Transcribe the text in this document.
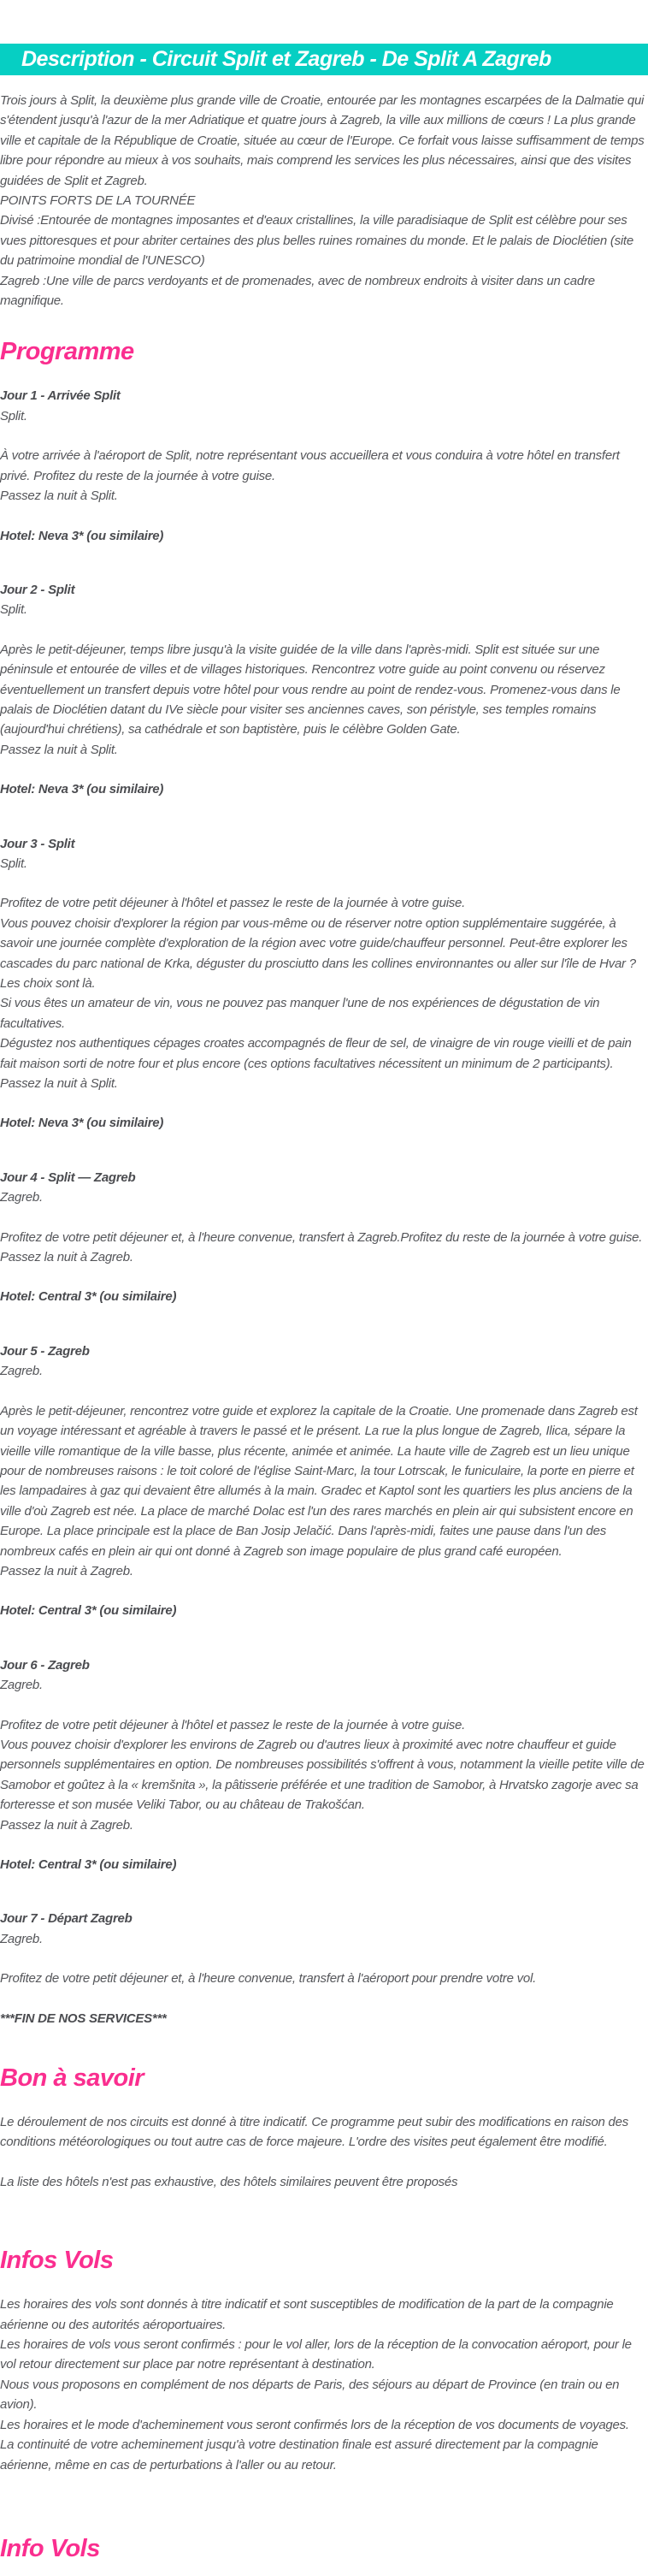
Description - Circuit Split et Zagreb - De Split A Zagreb

Trois jours à Split, la deuxième plus grande ville de Croatie, entourée par les montagnes escarpées de la Dalmatie qui s'étendent jusqu'à l'azur de la mer Adriatique et quatre jours à Zagreb, la ville aux millions de cœurs ! La plus grande ville et capitale de la République de Croatie, située au cœur de l'Europe. Ce forfait vous laisse suffisamment de temps libre pour répondre au mieux à vos souhaits, mais comprend les services les plus nécessaires, ainsi que des visites guidées de Split et Zagreb.

POINTS FORTS DE LA TOURNÉE

Divisé :Entourée de montagnes imposantes et d'eaux cristallines, la ville paradisiaque de Split est célèbre pour ses vues pittoresques et pour abriter certaines des plus belles ruines romaines du monde. Et le palais de Dioclétien (site du patrimoine mondial de l'UNESCO)

Zagreb :Une ville de parcs verdoyants et de promenades, avec de nombreux endroits à visiter dans un cadre magnifique.

Programme
Jour 1 - Arrivée Split
Split.

À votre arrivée à l'aéroport de Split, notre représentant vous accueillera et vous conduira à votre hôtel en transfert privé. Profitez du reste de la journée à votre guise.

Passez la nuit à Split.

Hotel: Neva 3* (ou similaire)
Jour 2 - Split
Split.

Après le petit-déjeuner, temps libre jusqu'à la visite guidée de la ville dans l'après-midi. Split est située sur une péninsule et entourée de villes et de villages historiques. Rencontrez votre guide au point convenu ou réservez éventuellement un transfert depuis votre hôtel pour vous rendre au point de rendez-vous. Promenez-vous dans le palais de Dioclétien datant du IVe siècle pour visiter ses anciennes caves, son péristyle, ses temples romains (aujourd'hui chrétiens), sa cathédrale et son baptistère, puis le célèbre Golden Gate.

Passez la nuit à Split.

Hotel: Neva 3* (ou similaire)
Jour 3 - Split
Split.

Profitez de votre petit déjeuner à l'hôtel et passez le reste de la journée à votre guise.

Vous pouvez choisir d'explorer la région par vous-même ou de réserver notre option supplémentaire suggérée, à savoir une journée complète d'exploration de la région avec votre guide/chauffeur personnel. Peut-être explorer les cascades du parc national de Krka, déguster du prosciutto dans les collines environnantes ou aller sur l'île de Hvar ? Les choix sont là.

Si vous êtes un amateur de vin, vous ne pouvez pas manquer l'une de nos expériences de dégustation de vin facultatives.

Dégustez nos authentiques cépages croates accompagnés de fleur de sel, de vinaigre de vin rouge vieilli et de pain fait maison sorti de notre four et plus encore (ces options facultatives nécessitent un minimum de 2 participants).

Passez la nuit à Split.

Hotel: Neva 3* (ou similaire)
Jour 4 - Split — Zagreb
Zagreb.

Profitez de votre petit déjeuner et, à l'heure convenue, transfert à Zagreb.Profitez du reste de la journée à votre guise.

Passez la nuit à Zagreb.

Hotel: Central 3* (ou similaire)
Jour 5 - Zagreb
Zagreb.

Après le petit-déjeuner, rencontrez votre guide et explorez la capitale de la Croatie. Une promenade dans Zagreb est un voyage intéressant et agréable à travers le passé et le présent. La rue la plus longue de Zagreb, Ilica, sépare la vieille ville romantique de la ville basse, plus récente, animée et animée. La haute ville de Zagreb est un lieu unique pour de nombreuses raisons : le toit coloré de l'église Saint-Marc, la tour Lotrscak, le funiculaire, la porte en pierre et les lampadaires à gaz qui devaient être allumés à la main. Gradec et Kaptol sont les quartiers les plus anciens de la ville d'où Zagreb est née. La place de marché Dolac est l'un des rares marchés en plein air qui subsistent encore en Europe. La place principale est la place de Ban Josip Jelačić. Dans l'après-midi, faites une pause dans l'un des nombreux cafés en plein air qui ont donné à Zagreb son image populaire de plus grand café européen.

Passez la nuit à Zagreb.

Hotel: Central 3* (ou similaire)
Jour 6 - Zagreb
Zagreb.

Profitez de votre petit déjeuner à l'hôtel et passez le reste de la journée à votre guise.

Vous pouvez choisir d'explorer les environs de Zagreb ou d'autres lieux à proximité avec notre chauffeur et guide personnels supplémentaires en option. De nombreuses possibilités s'offrent à vous, notamment la vieille petite ville de Samobor et goûtez à la « kremšnita », la pâtisserie préférée et une tradition de Samobor, à Hrvatsko zagorje avec sa forteresse et son musée Veliki Tabor, ou au château de Trakošćan.

Passez la nuit à Zagreb.

Hotel: Central 3* (ou similaire)
Jour 7 - Départ Zagreb
Zagreb.

Profitez de votre petit déjeuner et, à l'heure convenue, transfert à l'aéroport pour prendre votre vol.

***FIN DE NOS SERVICES***
Bon à savoir

Le déroulement de nos circuits est donné à titre indicatif. Ce programme peut subir des modifications en raison des conditions météorologiques ou tout autre cas de force majeure. L'ordre des visites peut également être modifié.

La liste des hôtels n'est pas exhaustive, des hôtels similaires peuvent être proposés

Infos Vols

Les horaires des vols sont donnés à titre indicatif et sont susceptibles de modification de la part de la compagnie aérienne ou des autorités aéroportuaires.

Les horaires de vols vous seront confirmés : pour le vol aller, lors de la réception de la convocation aéroport, pour le vol retour directement sur place par notre représentant à destination.

Nous vous proposons en complément de nos départs de Paris, des séjours au départ de Province (en train ou en avion).

Les horaires et le mode d'acheminement vous seront confirmés lors de la réception de vos documents de voyages.

La continuité de votre acheminement jusqu'à votre destination finale est assuré directement par la compagnie aérienne, même en cas de perturbations à l'aller ou au retour.

Info Vols
